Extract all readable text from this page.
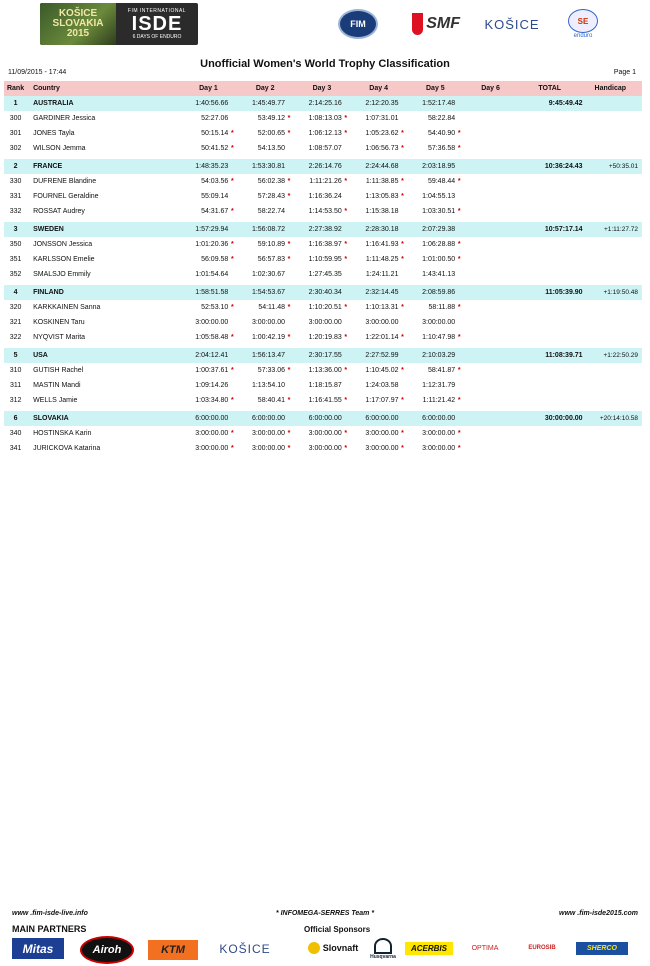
KOŠICE
SLOVAKIA
2015
FIM INTERNATIONAL
ISDE
6 DAYS OF ENDURO
FIM	SMF KOŠICE	SE
enduro
Unofficial Women's World Trophy Classification
11/09/2015 - 17:44	Page 1
Rank	Country	Day 1	Day 2	Day 3	Day 4	Day 5	Day 6	TOTAL	Handicap
1	AUSTRALIA	1:40:56.66	1:45:49.77	2:14:25.16	2:12:20.35	1:52:17.48		9:45:49.42	
300	GARDINER Jessica	52:27.06	53:49.12 *	1:08:13.03 *	1:07:31.01	58:22.84			
301	JONES Tayla	50:15.14 *	52:00.65 *	1:06:12.13 *	1:05:23.62 *	54:40.90 *			
302	WILSON Jemma	50:41.52 *	54:13.50	1:08:57.07	1:06:56.73 *	57:36.58 *			

2	FRANCE	1:48:35.23	1:53:30.81	2:26:14.76	2:24:44.68	2:03:18.95		10:36:24.43	+50:35.01
330	DUFRENE Blandine	54:03.56 *	56:02.38 *	1:11:21.26 *	1:11:38.85 *	59:48.44 *			
331	FOURNEL Geraldine	55:09.14	57:28.43 *	1:16:36.24	1:13:05.83 *	1:04:55.13			
332	ROSSAT Audrey	54:31.67 *	58:22.74	1:14:53.50 *	1:15:38.18	1:03:30.51 *			

3	SWEDEN	1:57:29.94	1:56:08.72	2:27:38.92	2:28:30.18	2:07:29.38		10:57:17.14	+1:11:27.72
350	JONSSON Jessica	1:01:20.36 *	59:10.89 *	1:16:38.97 *	1:16:41.93 *	1:06:28.88 *			
351	KARLSSON Emelie	56:09.58 *	56:57.83 *	1:10:59.95 *	1:11:48.25 *	1:01:00.50 *			
352	SMALSJO Emmily	1:01:54.64	1:02:30.67	1:27:45.35	1:24:11.21	1:43:41.13			

4	FINLAND	1:58:51.58	1:54:53.67	2:30:40.34	2:32:14.45	2:08:59.86		11:05:39.90	+1:19:50.48
320	KARKKAINEN Sanna	52:53.10 *	54:11.48 *	1:10:20.51 *	1:10:13.31 *	58:11.88 *			
321	KOSKINEN Taru	3:00:00.00	3:00:00.00	3:00:00.00	3:00:00.00	3:00:00.00			
322	NYQVIST Marita	1:05:58.48 *	1:00:42.19 *	1:20:19.83 *	1:22:01.14 *	1:10:47.98 *			

5	USA	2:04:12.41	1:56:13.47	2:30:17.55	2:27:52.99	2:10:03.29		11:08:39.71	+1:22:50.29
310	GUTISH Rachel	1:00:37.61 *	57:33.06 *	1:13:36.00 *	1:10:45.02 *	58:41.87 *			
311	MASTIN Mandi	1:09:14.26	1:13:54.10	1:18:15.87	1:24:03.58	1:12:31.79			
312	WELLS Jamie	1:03:34.80 *	58:40.41 *	1:16:41.55 *	1:17:07.97 *	1:11:21.42 *			

6	SLOVAKIA	6:00:00.00	6:00:00.00	6:00:00.00	6:00:00.00	6:00:00.00		30:00:00.00	+20:14:10.58
340	HOSTINSKA Karin	3:00:00.00 *	3:00:00.00 *	3:00:00.00 *	3:00:00.00 *	3:00:00.00 *			
341	JURICKOVA Katarina	3:00:00.00 *	3:00:00.00 *	3:00:00.00 *	3:00:00.00 *	3:00:00.00 *			
www .fim-isde-live.info	* INFOMEGA-SERRES Team *	www .fim-isde2015.com
MAIN PARTNERS	Official Sponsors
Mitas	Airoh	KTM	KOŠICE	Slovnaft
Husqvarna
ACERBIS	OPTIMA	EUROSIB	SHERCO
